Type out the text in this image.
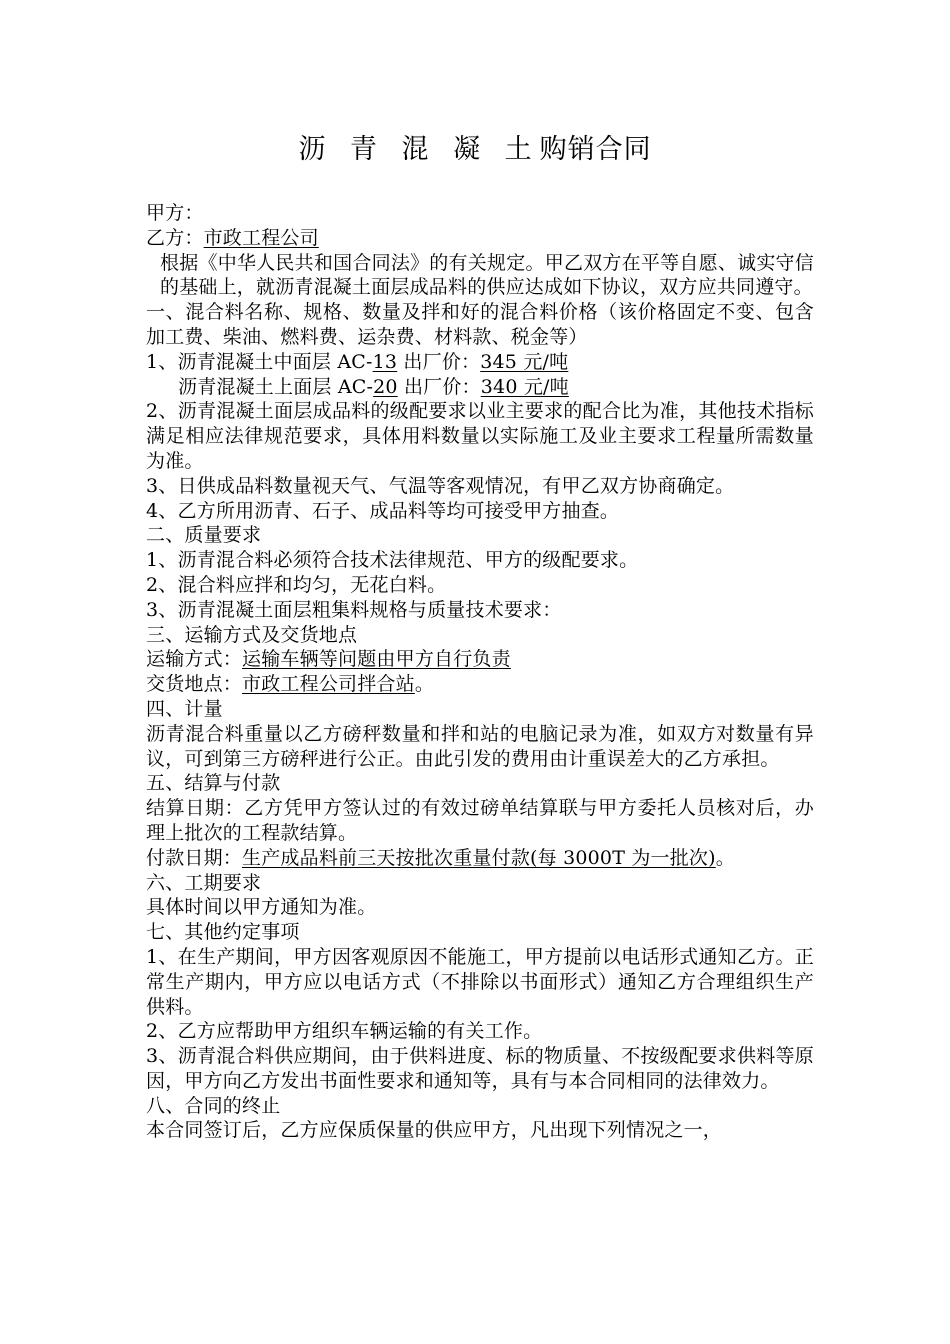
沥 青 混 凝 土购销合同

甲方：

乙方：市政工程公司

根据《中华人民共和国合同法》的有关规定。甲乙双方在平等自愿、诚实守信的基础上，就沥青混凝土面层成品料的供应达成如下协议，双方应共同遵守。

一、混合料名称、规格、数量及拌和好的混合料价格（该价格固定不变、包含加工费、柴油、燃料费、运杂费、材料款、税金等）

1、沥青混凝土中面层 AC-13 出厂价：345 元/吨

沥青混凝土上面层 AC-20 出厂价：340 元/吨

2、沥青混凝土面层成品料的级配要求以业主要求的配合比为准，其他技术指标满足相应法律规范要求，具体用料数量以实际施工及业主要求工程量所需数量为准。

3、日供成品料数量视天气、气温等客观情况，有甲乙双方协商确定。

4、乙方所用沥青、石子、成品料等均可接受甲方抽查。

二、质量要求

1、沥青混合料必须符合技术法律规范、甲方的级配要求。

2、混合料应拌和均匀，无花白料。

3、沥青混凝土面层粗集料规格与质量技术要求：

三、运输方式及交货地点

运输方式：运输车辆等问题由甲方自行负责

交货地点：市政工程公司拌合站。

四、计量

沥青混合料重量以乙方磅秤数量和拌和站的电脑记录为准，如双方对数量有异议，可到第三方磅秤进行公正。由此引发的费用由计重误差大的乙方承担。

五、结算与付款

结算日期：乙方凭甲方签认过的有效过磅单结算联与甲方委托人员核对后，办理上批次的工程款结算。

付款日期：生产成品料前三天按批次重量付款(每 3000T 为一批次)。

六、工期要求

具体时间以甲方通知为准。

七、其他约定事项

1、在生产期间，甲方因客观原因不能施工，甲方提前以电话形式通知乙方。正常生产期内，甲方应以电话方式（不排除以书面形式）通知乙方合理组织生产供料。

2、乙方应帮助甲方组织车辆运输的有关工作。

3、沥青混合料供应期间，由于供料进度、标的物质量、不按级配要求供料等原因，甲方向乙方发出书面性要求和通知等，具有与本合同相同的法律效力。

八、合同的终止

本合同签订后，乙方应保质保量的供应甲方，凡出现下列情况之一，
